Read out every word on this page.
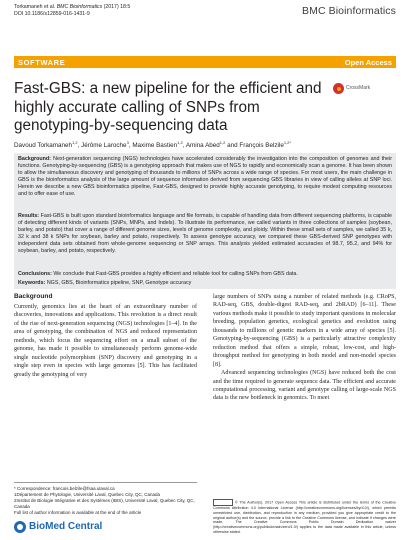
Torkamaneh et al. BMC Bioinformatics (2017) 18:5
DOI 10.1186/s12859-016-1431-9	BMC Bioinformatics
SOFTWARE	Open Access
Fast-GBS: a new pipeline for the efficient and highly accurate calling of SNPs from genotyping-by-sequencing data
CrossMark
Davoud Torkamaneh$^{1,2}$, Jérôme Laroche$^3$, Maxime Bastien$^{1,2}$, Amina Abed$^{1,2}$ and François Belzile$^{1,2*}$
Background: Next-generation sequencing (NGS) technologies have accelerated considerably the investigation into the composition of genomes and their functions. Genotyping-by-sequencing (GBS) is a genotyping approach that makes use of NGS to rapidly and economically scan a genome. It has been shown to allow the simultaneous discovery and genotyping of thousands to millions of SNPs across a wide range of species. For most users, the main challenge in GBS is the bioinformatics analysis of the large amount of sequence information derived from sequencing GBS libraries in view of calling alleles at SNP loci. Herein we describe a new GBS bioinformatics pipeline, Fast-GBS, designed to provide highly accurate genotyping, to require modest computing resources and to offer ease of use.
Results: Fast-GBS is built upon standard bioinformatics language and file formats, is capable of handling data from different sequencing platforms, is capable of detecting different kinds of variants (SNPs, MNPs, and Indels). To illustrate its performance, we called variants in three collections of samples (soybean, barley, and potato) that cover a range of different genome sizes, levels of genome complexity, and ploidy. Within these small sets of samples, we called 35 k, 32 k and 38 k SNPs for soybean, barley and potato, respectively. To assess genotype accuracy, we compared these GBS-derived SNP genotypes with independent data sets obtained from whole-genome sequencing or SNP arrays. This analysis yielded estimated accuracies of 98.7, 95.2, and 94% for soybean, barley, and potato, respectively.
Conclusions: We conclude that Fast-GBS provides a highly efficient and reliable tool for calling SNPs from GBS data.
Keywords: NGS, GBS, Bioinformatics pipeline, SNP, Genotype accuracy
Background
Currently, genomics lies at the heart of an extraordinary number of discoveries, innovations and applications. This revolution is a direct result of the rise of next-generation sequencing (NGS) technologies [1–4]. In the area of genotyping, the combination of NGS and reduced representation methods, which focus the sequencing effort on a small subset of the genome, has made it possible to simultaneously perform genome-wide single nucleotide polymorphism (SNP) discovery and genotyping in a single step even in species with large genomes [5]. This has facilitated greatly the genotyping of very
large numbers of SNPs using a number of related methods (e.g. CRoPS, RAD-seq, GBS, double-digest RAD-seq, and 2bRAD) [6–11]. These various methods make it possible to study important questions in molecular breeding, population genetics, ecological genetics and evolution using thousands to millions of genetic markers in a wide array of species [5]. Genotyping-by-sequencing (GBS) is a particularly attractive complexity reduction method that offers a simple, robust, low-cost, and high-throughput method for genotyping in both model and non-model species [8].
Advanced sequencing technologies (NGS) have reduced both the cost and the time required to generate sequence data. The efficient and accurate computational processing, variant and genotype calling of large-scale NGS data is the new bottleneck in genomics. To meet
* Correspondence: francois.belzile@fsaa.ulaval.ca
1Département de Phytologie, Université Laval, Quebec City, QC, Canada
2Institut de Biologie Intégrative et des Systèmes (IBIS), Université Laval, Quebec City, QC, Canada
Full list of author information is available at the end of the article
BioMed Central
© The Author(s). 2017 Open Access This article is distributed under the terms of the Creative Commons Attribution 4.0 International License (http://creativecommons.org/licenses/by/4.0/), which permits unrestricted use, distribution, and reproduction in any medium, provided you give appropriate credit to the original author(s) and the source, provide a link to the Creative Commons license, and indicate if changes were made. The Creative Commons Public Domain Dedication waiver (http://creativecommons.org/publicdomain/zero/1.0/) applies to the data made available in this article, unless otherwise stated.
